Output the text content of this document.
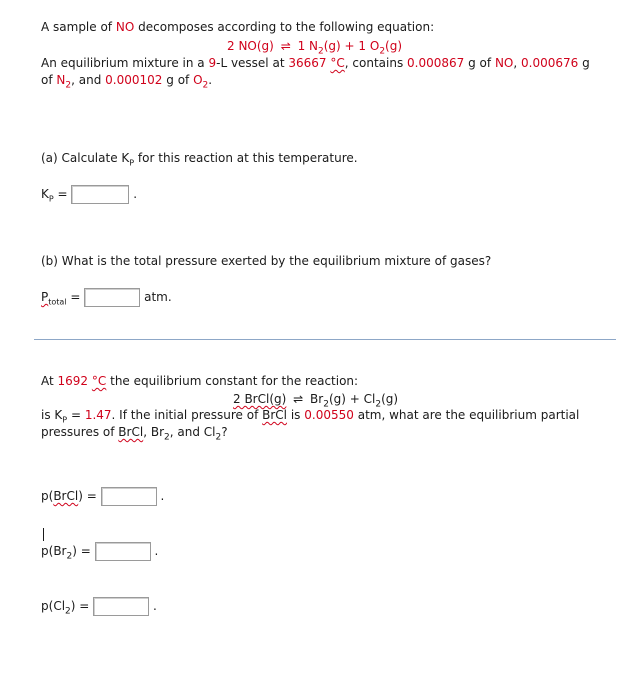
A sample of NO decomposes according to the following equation:
2 NO(g) ⇌ 1 $N_2(g) + 1$ $O_2(g)$
An equilibrium mixture in a 9-L vessel at 36667 °C, contains 0.000867 g of NO, 0.000676 g
of $N_2$, and 0.000102 g of $O_2$.
(a) Calculate $K_P$ for this reaction at this temperature.
$K_P$ =	.
(b) What is the total pressure exerted by the equilibrium mixture of gases?
$P_{total}$ =	atm.
At 1692 °C the equilibrium constant for the reaction:
2 BrCl(g) ⇌ $Br_2(g) + Cl_2(g)$
is $K_P = 1.47$. If the initial pressure of BrCl is 0.00550 atm, what are the equilibrium partial
pressures of BrCl, $Br_2$, and $Cl_2$?
p(BrCl) =	.
$p(Br_2)$ =	.
$p(Cl_2)$ =	.
